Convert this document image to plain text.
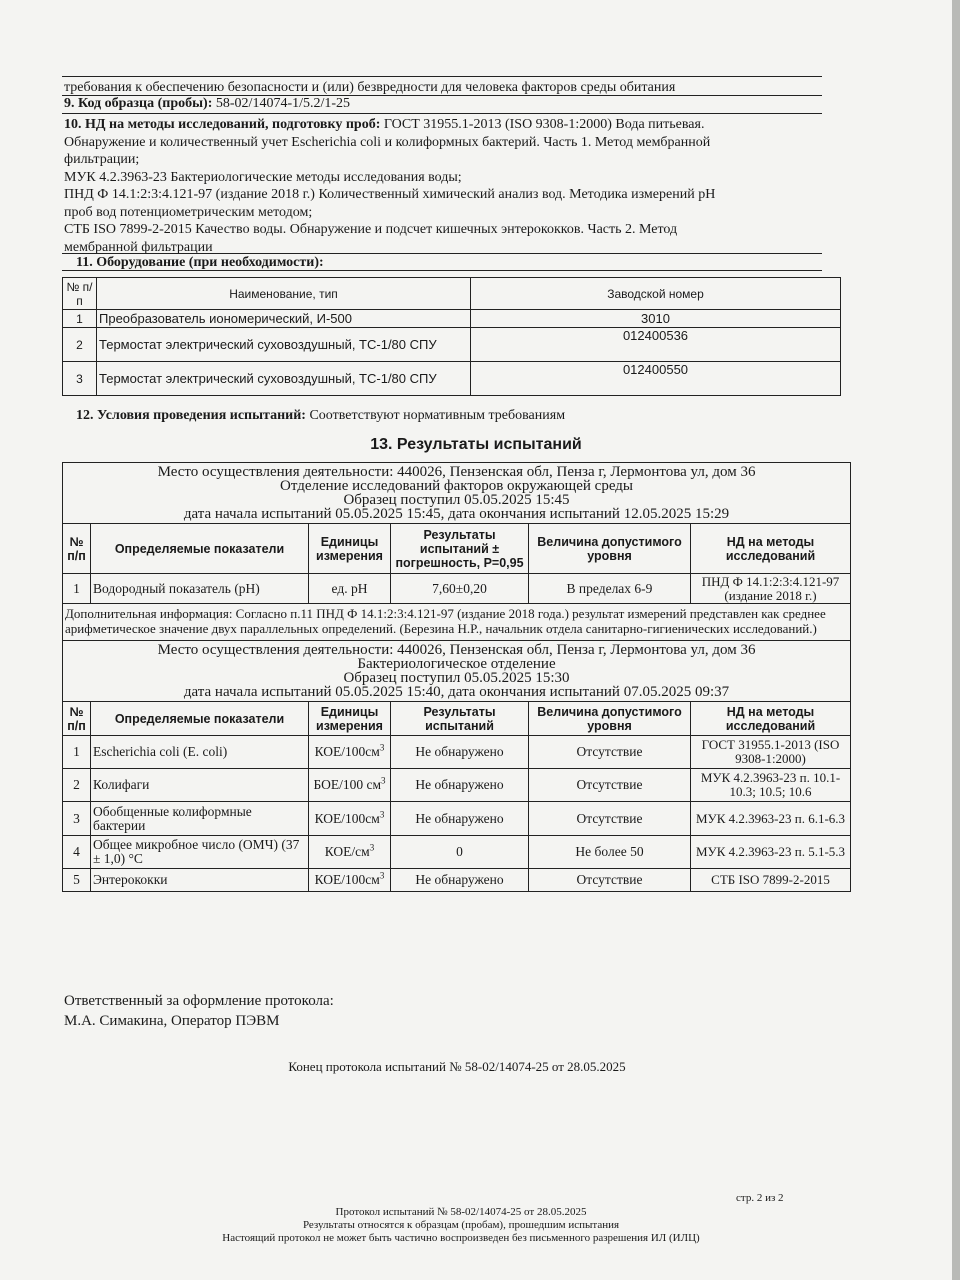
требования к обеспечению безопасности и (или) безвредности для человека факторов среды обитания
9. Код образца (пробы): 58-02/14074-1/5.2/1-25
10. НД на методы исследований, подготовку проб: ГОСТ 31955.1-2013 (ISO 9308-1:2000) Вода питьевая.
Обнаружение и количественный учет Escherichia coli и колиформных бактерий. Часть 1. Метод мембранной
фильтрации;
МУК 4.2.3963-23 Бактериологические методы исследования воды;
ПНД Ф 14.1:2:3:4.121-97 (издание 2018 г.) Количественный химический анализ вод. Методика измерений pH
проб вод потенциометрическим методом;
СТБ ISO 7899-2-2015 Качество воды. Обнаружение и подсчет кишечных энтерококков. Часть 2. Метод
мембранной фильтрации
11. Оборудование (при необходимости):
№ п/п	Наименование, тип	Заводской номер
1	Преобразователь иономерический, И-500	3010
2	Термостат электрический суховоздушный, ТС-1/80 СПУ	012400536
3	Термостат электрический суховоздушный, ТС-1/80 СПУ	012400550
12. Условия проведения испытаний: Соответствуют нормативным требованиям
13. Результаты испытаний
Место осуществления деятельности: 440026, Пензенская обл, Пенза г, Лермонтова ул, дом 36
Отделение исследований факторов окружающей среды
Образец поступил 05.05.2025 15:45
дата начала испытаний 05.05.2025 15:45, дата окончания испытаний 12.05.2025 15:29					

№ п/п	Определяемые показатели	Единицы измерения	Результаты испытаний ± погрешность, P=0,95	Величина допустимого уровня	НД на методы исследований
1	Водородный показатель (pH)	ед. pH	7,60±0,20	В пределах 6-9	ПНД Ф 14.1:2:3:4.121-97 (издание 2018 г.)
Дополнительная информация: Согласно п.11 ПНД Ф 14.1:2:3:4.121-97 (издание 2018 года.) результат измерений представлен как среднее арифметическое значение двух параллельных определений. (Березина Н.Р., начальник отдела санитарно-гигиенических исследований.)					

Место осуществления деятельности: 440026, Пензенская обл, Пенза г, Лермонтова ул, дом 36
Бактериологическое отделение
Образец поступил 05.05.2025 15:30
дата начала испытаний 05.05.2025 15:40, дата окончания испытаний 07.05.2025 09:37					

№ п/п	Определяемые показатели	Единицы измерения	Результаты испытаний	Величина допустимого уровня	НД на методы исследований
1	Escherichia coli (E. coli)	КОЕ/$100см^3$	Не обнаружено	Отсутствие	ГОСТ 31955.1-2013 (ISO 9308-1:2000)
2	Колифаги	БОЕ/100 $см^3$	Не обнаружено	Отсутствие	МУК 4.2.3963-23 п. 10.1-10.3; 10.5; 10.6
3	Обобщенные колиформные бактерии	КОЕ/$100см^3$	Не обнаружено	Отсутствие	МУК 4.2.3963-23 п. 6.1-6.3
4	Общее микробное число (ОМЧ) (37 ± 1,0) °С	КОЕ/$см^3$	0	Не более 50	МУК 4.2.3963-23 п. 5.1-5.3
5	Энтерококки	КОЕ/$100см^3$	Не обнаружено	Отсутствие	СТБ ISO 7899-2-2015
Ответственный за оформление протокола:
М.А. Симакина, Оператор ПЭВМ
Конец протокола испытаний № 58-02/14074-25 от 28.05.2025
стр. 2 из 2
Протокол испытаний № 58-02/14074-25 от 28.05.2025
Результаты относятся к образцам (пробам), прошедшим испытания
Настоящий протокол не может быть частично воспроизведен без письменного разрешения ИЛ (ИЛЦ)
